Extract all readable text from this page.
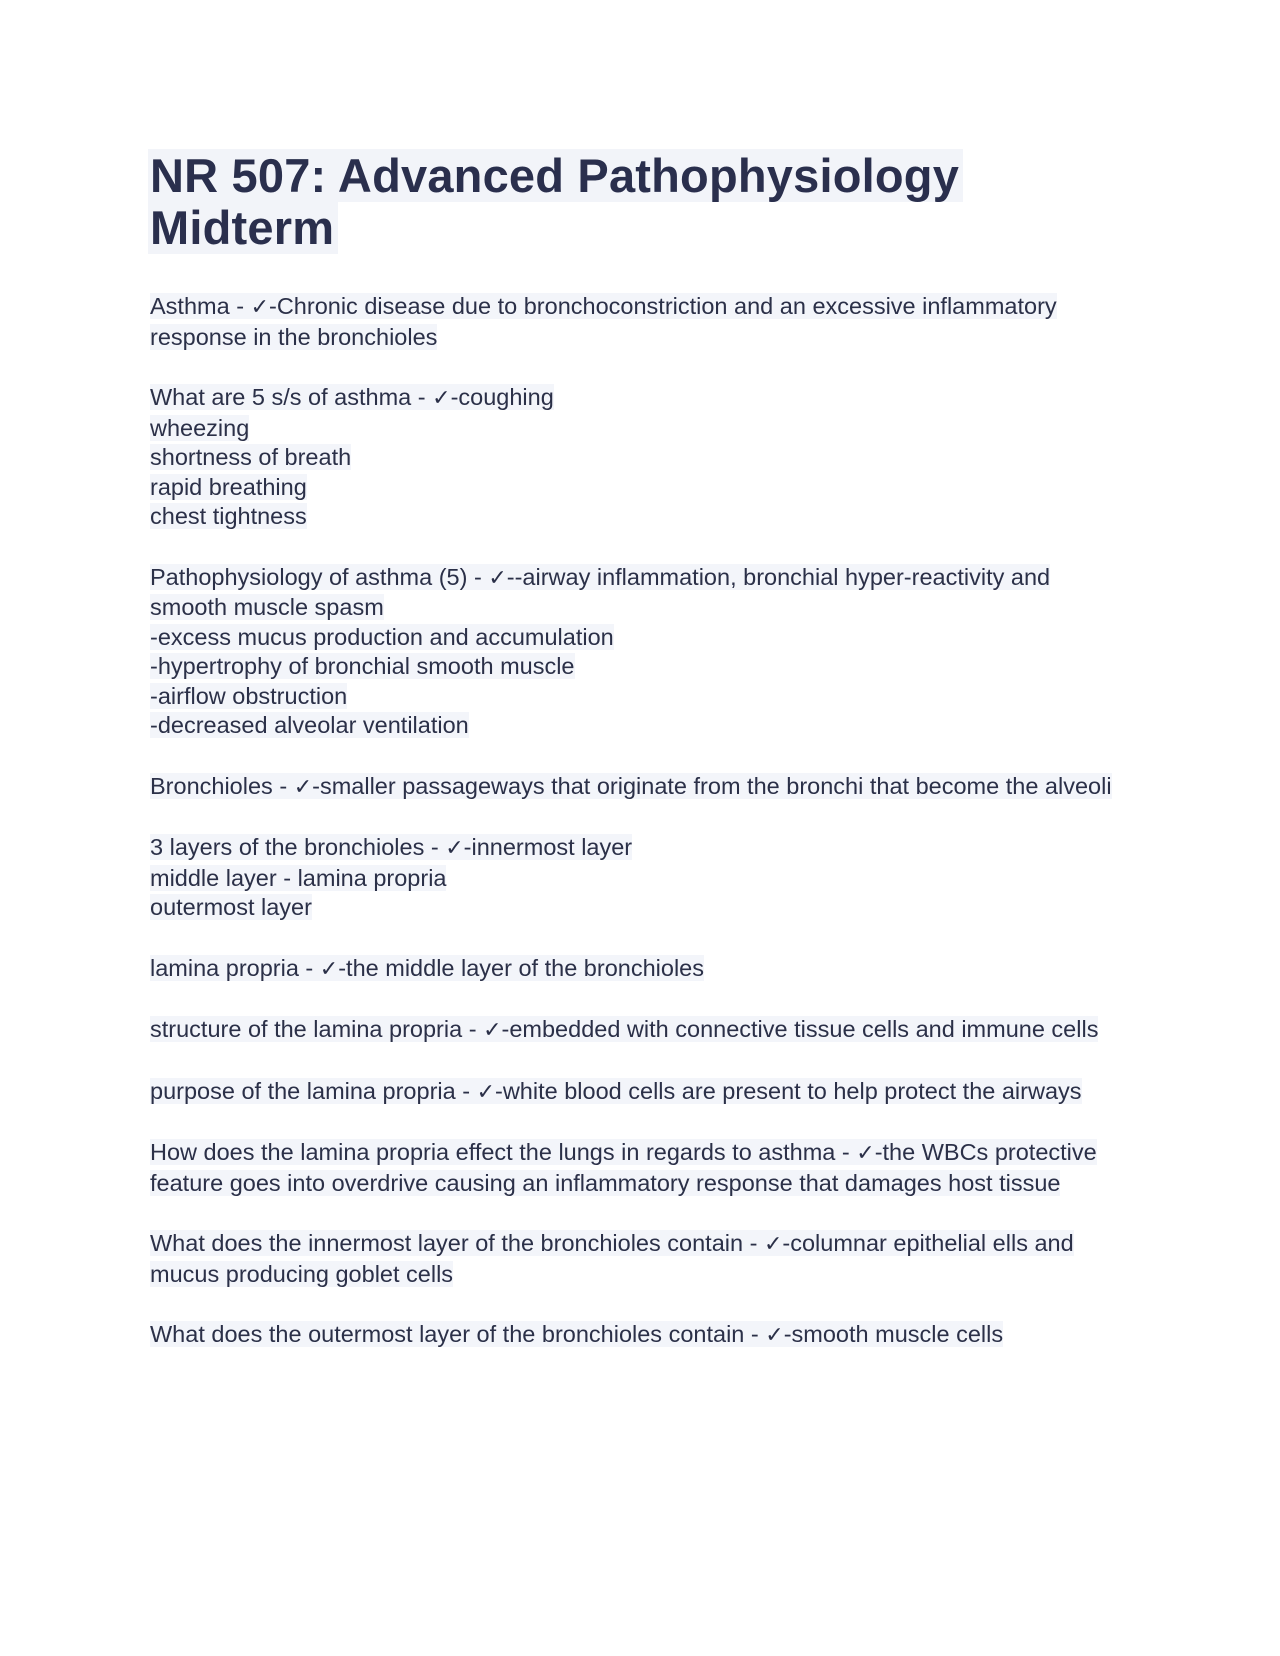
NR 507: Advanced Pathophysiology Midterm

Asthma - ✓-Chronic disease due to bronchoconstriction and an excessive inflammatory response in the bronchioles

What are 5 s/s of asthma - ✓-coughing
wheezing
shortness of breath
rapid breathing
chest tightness

Pathophysiology of asthma (5) - ✓--airway inflammation, bronchial hyper-reactivity and smooth muscle spasm
-excess mucus production and accumulation
-hypertrophy of bronchial smooth muscle
-airflow obstruction
-decreased alveolar ventilation

Bronchioles - ✓-smaller passageways that originate from the bronchi that become the alveoli

3 layers of the bronchioles - ✓-innermost layer
middle layer - lamina propria
outermost layer

lamina propria - ✓-the middle layer of the bronchioles

structure of the lamina propria - ✓-embedded with connective tissue cells and immune cells

purpose of the lamina propria - ✓-white blood cells are present to help protect the airways

How does the lamina propria effect the lungs in regards to asthma - ✓-the WBCs protective feature goes into overdrive causing an inflammatory response that damages host tissue

What does the innermost layer of the bronchioles contain - ✓-columnar epithelial ells and mucus producing goblet cells

What does the outermost layer of the bronchioles contain - ✓-smooth muscle cells
